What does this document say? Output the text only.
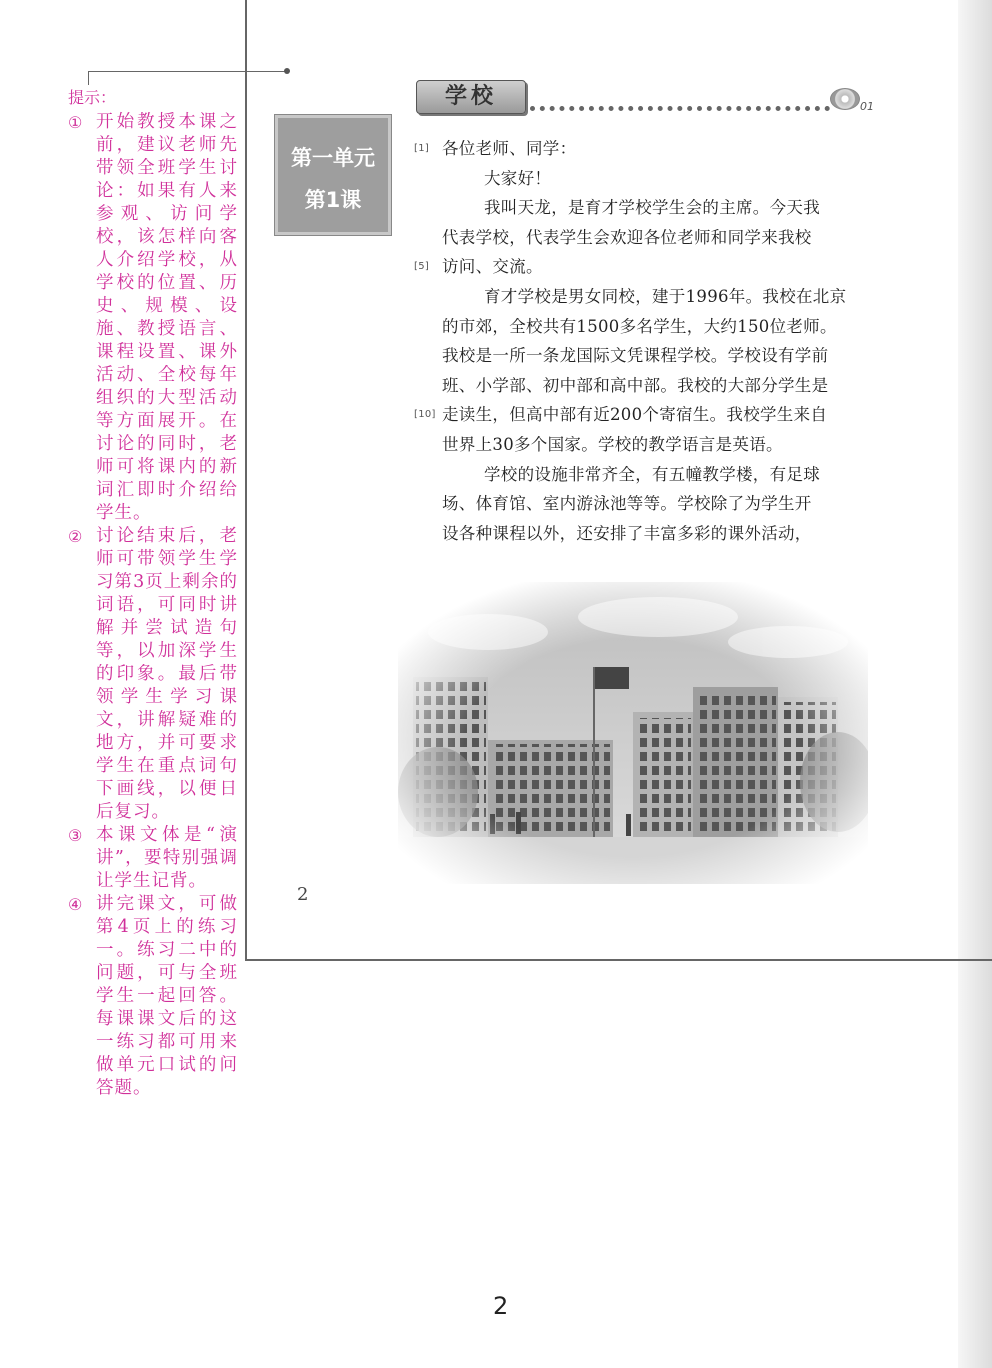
提示：
① 开始教授本课之前，建议老师先带领全班学生讨论：如果有人来参观、访问学校，该怎样向客人介绍学校，从学校的位置、历史、规模、设施、教授语言、课程设置、课外活动、全校每年组织的大型活动等方面展开。在讨论的同时，老师可将课内的新词汇即时介绍给学生。
② 讨论结束后，老师可带领学生学习第3页上剩余的词语，可同时讲解并尝试造句等，以加深学生的印象。最后带领学生学习课文，讲解疑难的地方，并可要求学生在重点词句下画线，以便日后复习。
③ 本课文体是“演讲”，要特别强调让学生记背。
④ 讲完课文，可做第4页上的练习一。练习二中的问题，可与全班学生一起回答。每课课文后的这一练习都可用来做单元口试的问答题。
第一单元
第1课
学校	01
[1] 各位老师、同学：
大家好！
我叫天龙，是育才学校学生会的主席。今天我
代表学校，代表学生会欢迎各位老师和同学来我校
[5] 访问、交流。
育才学校是男女同校，建于1996年。我校在北京
的市郊，全校共有1500多名学生，大约150位老师。
我校是一所一条龙国际文凭课程学校。学校设有学前
班、小学部、初中部和高中部。我校的大部分学生是
[10] 走读生，但高中部有近200个寄宿生。我校学生来自
世界上30多个国家。学校的教学语言是英语。
学校的设施非常齐全，有五幢教学楼，有足球
场、体育馆、室内游泳池等等。学校除了为学生开
设各种课程以外，还安排了丰富多彩的课外活动，
2
2
